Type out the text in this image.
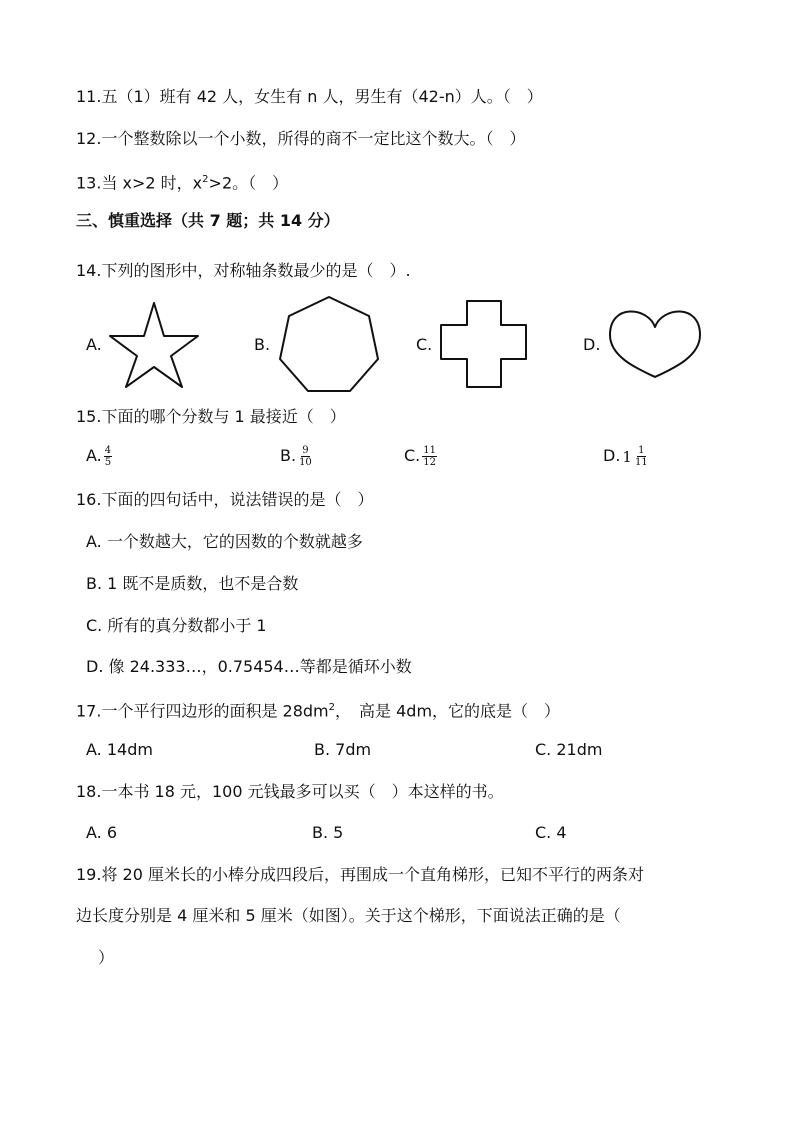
11.五（1）班有 42 人，女生有 n 人，男生有（42-n）人。（　）
12.一个整数除以一个小数，所得的商不一定比这个数大。（　）
13.当 x>2 时，$x^2>2$。（　）
三、慎重选择（共 7 题；共 14 分）
14.下列的图形中，对称轴条数最少的是（　）.
A.	B.	C.	D.
15.下面的哪个分数与 1 最接近（　）
A. $\frac{4}{5}$	B. $\frac{9}{10}$	C. $\frac{11}{12}$	D. $1 \frac{1}{11}$
16.下面的四句话中，说法错误的是（　）
A. 一个数越大，它的因数的个数就越多
B. 1 既不是质数，也不是合数
C. 所有的真分数都小于 1
D. 像 24.333…，0.75454…等都是循环小数
17.一个平行四边形的面积是 $28dm^2$，　高是 4dm，它的底是（　）
A. 14dm	B. 7dm	C. 21dm
18.一本书 18 元，100 元钱最多可以买（　）本这样的书。
A. 6	B. 5	C. 4
19.将 20 厘米长的小棒分成四段后，再围成一个直角梯形，已知不平行的两条对
边长度分别是 4 厘米和 5 厘米（如图）。关于这个梯形，下面说法正确的是（
）
